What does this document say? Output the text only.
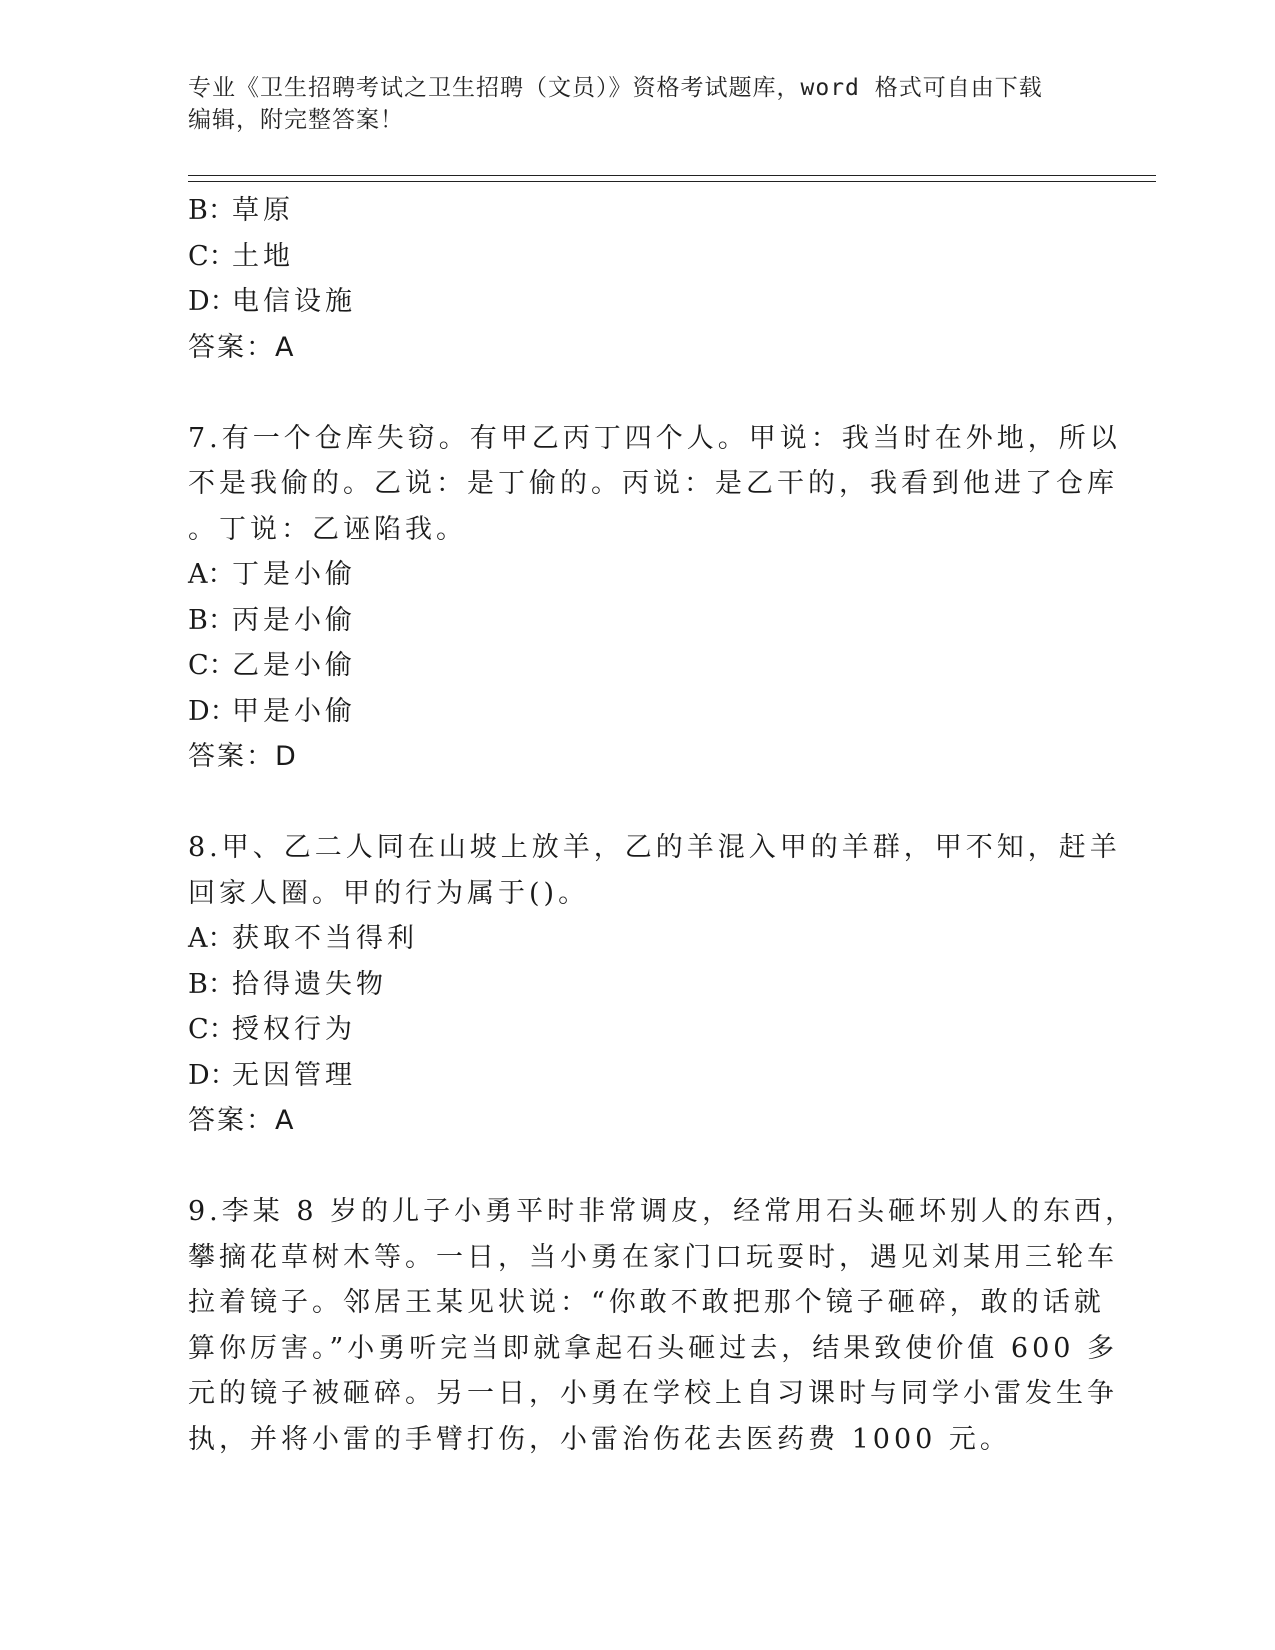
专业《卫生招聘考试之卫生招聘（文员）》资格考试题库，word 格式可自由下载
编辑，附完整答案！
B：草原
C：土地
D：电信设施
答案：A
7.有一个仓库失窃。有甲乙丙丁四个人。甲说：我当时在外地，所以
不是我偷的。乙说：是丁偷的。丙说：是乙干的，我看到他进了仓库
。丁说：乙诬陷我。
A：丁是小偷
B：丙是小偷
C：乙是小偷
D：甲是小偷
答案：D
8.甲、乙二人同在山坡上放羊，乙的羊混入甲的羊群，甲不知，赶羊
回家人圈。甲的行为属于()。
A：获取不当得利
B：拾得遗失物
C：授权行为
D：无因管理
答案：A
9.李某 8 岁的儿子小勇平时非常调皮，经常用石头砸坏别人的东西，
攀摘花草树木等。一日，当小勇在家门口玩耍时，遇见刘某用三轮车
拉着镜子。邻居王某见状说：“你敢不敢把那个镜子砸碎，敢的话就
算你厉害。”小勇听完当即就拿起石头砸过去，结果致使价值 600 多
元的镜子被砸碎。另一日，小勇在学校上自习课时与同学小雷发生争
执，并将小雷的手臂打伤，小雷治伤花去医药费 1000 元。
